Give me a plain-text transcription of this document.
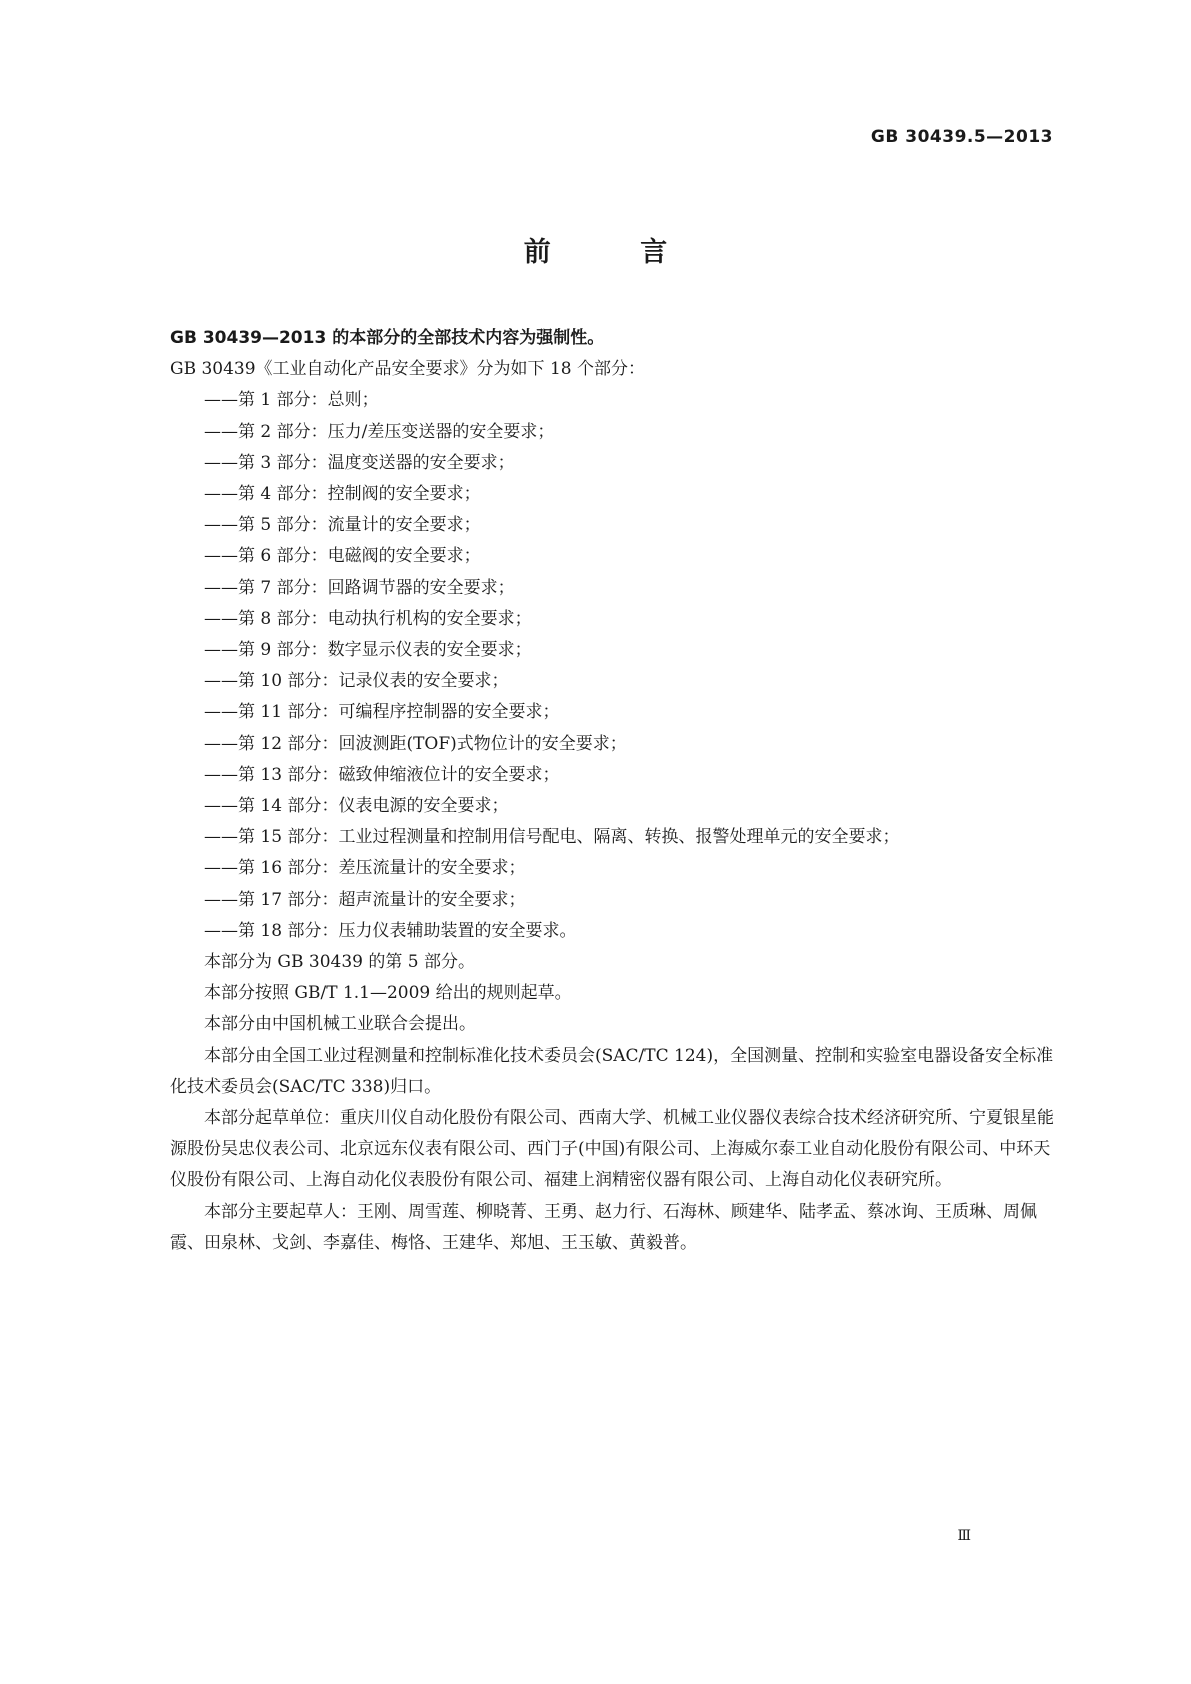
GB 30439.5—2013
前 言

GB 30439—2013 的本部分的全部技术内容为强制性。

GB 30439《工业自动化产品安全要求》分为如下 18 个部分：

——第 1 部分：总则；

——第 2 部分：压力/差压变送器的安全要求；

——第 3 部分：温度变送器的安全要求；

——第 4 部分：控制阀的安全要求；

——第 5 部分：流量计的安全要求；

——第 6 部分：电磁阀的安全要求；

——第 7 部分：回路调节器的安全要求；

——第 8 部分：电动执行机构的安全要求；

——第 9 部分：数字显示仪表的安全要求；

——第 10 部分：记录仪表的安全要求；

——第 11 部分：可编程序控制器的安全要求；

——第 12 部分：回波测距(TOF)式物位计的安全要求；

——第 13 部分：磁致伸缩液位计的安全要求；

——第 14 部分：仪表电源的安全要求；

——第 15 部分：工业过程测量和控制用信号配电、隔离、转换、报警处理单元的安全要求；

——第 16 部分：差压流量计的安全要求；

——第 17 部分：超声流量计的安全要求；

——第 18 部分：压力仪表辅助装置的安全要求。

本部分为 GB 30439 的第 5 部分。

本部分按照 GB/T 1.1—2009 给出的规则起草。

本部分由中国机械工业联合会提出。

本部分由全国工业过程测量和控制标准化技术委员会(SAC/TC 124)，全国测量、控制和实验室电器设备安全标准化技术委员会(SAC/TC 338)归口。

本部分起草单位：重庆川仪自动化股份有限公司、西南大学、机械工业仪器仪表综合技术经济研究所、宁夏银星能源股份吴忠仪表公司、北京远东仪表有限公司、西门子(中国)有限公司、上海威尔泰工业自动化股份有限公司、中环天仪股份有限公司、上海自动化仪表股份有限公司、福建上润精密仪器有限公司、上海自动化仪表研究所。

本部分主要起草人：王刚、周雪莲、柳晓菁、王勇、赵力行、石海林、顾建华、陆孝孟、蔡冰询、王质琳、周佩霞、田泉林、戈剑、李嘉佳、梅恪、王建华、郑旭、王玉敏、黄毅普。

Ⅲ
